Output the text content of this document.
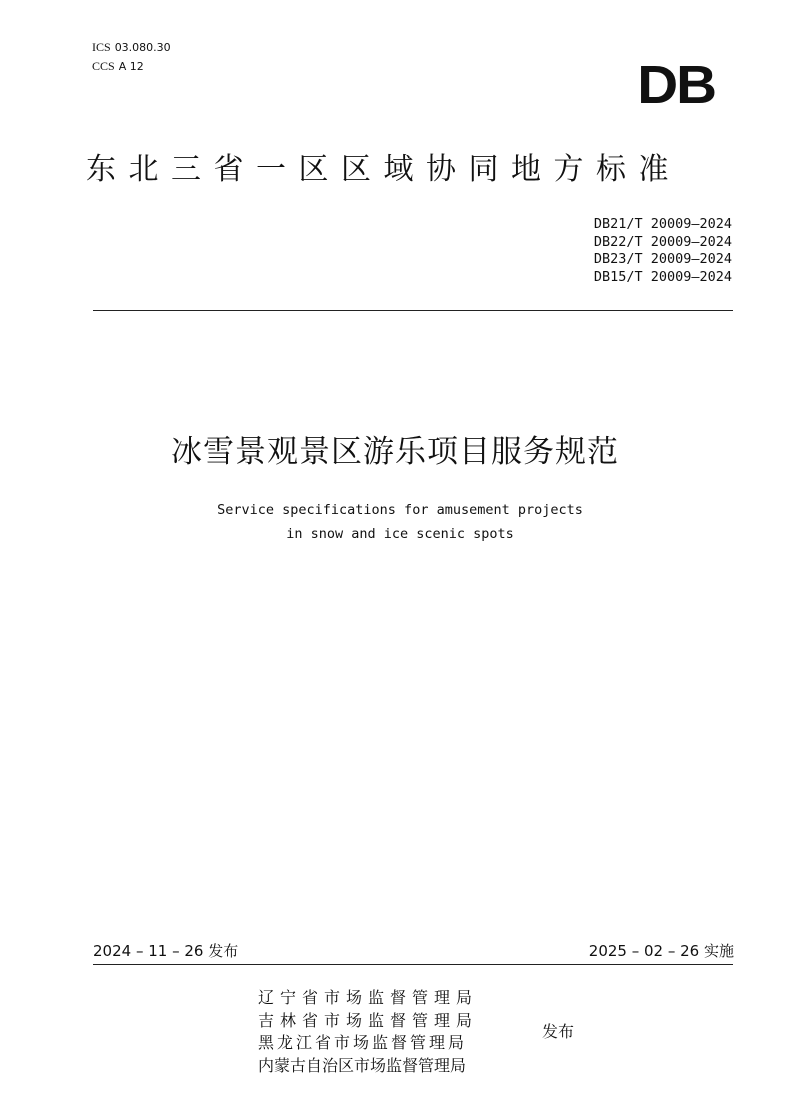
ICS 03.080.30
CCS A 12	DB
东北三省一区区域协同地方标准
DB21/T 20009—2024
DB22/T 20009—2024
DB23/T 20009—2024
DB15/T 20009—2024
冰雪景观景区游乐项目服务规范
Service specifications for amusement projects
in snow and ice scenic spots
2024 – 11 – 26 发布	2025 – 02 – 26 实施
辽宁省市场监督管理局
吉林省市场监督管理局
黑龙江省市场监督管理局
内蒙古自治区市场监督管理局
发布
